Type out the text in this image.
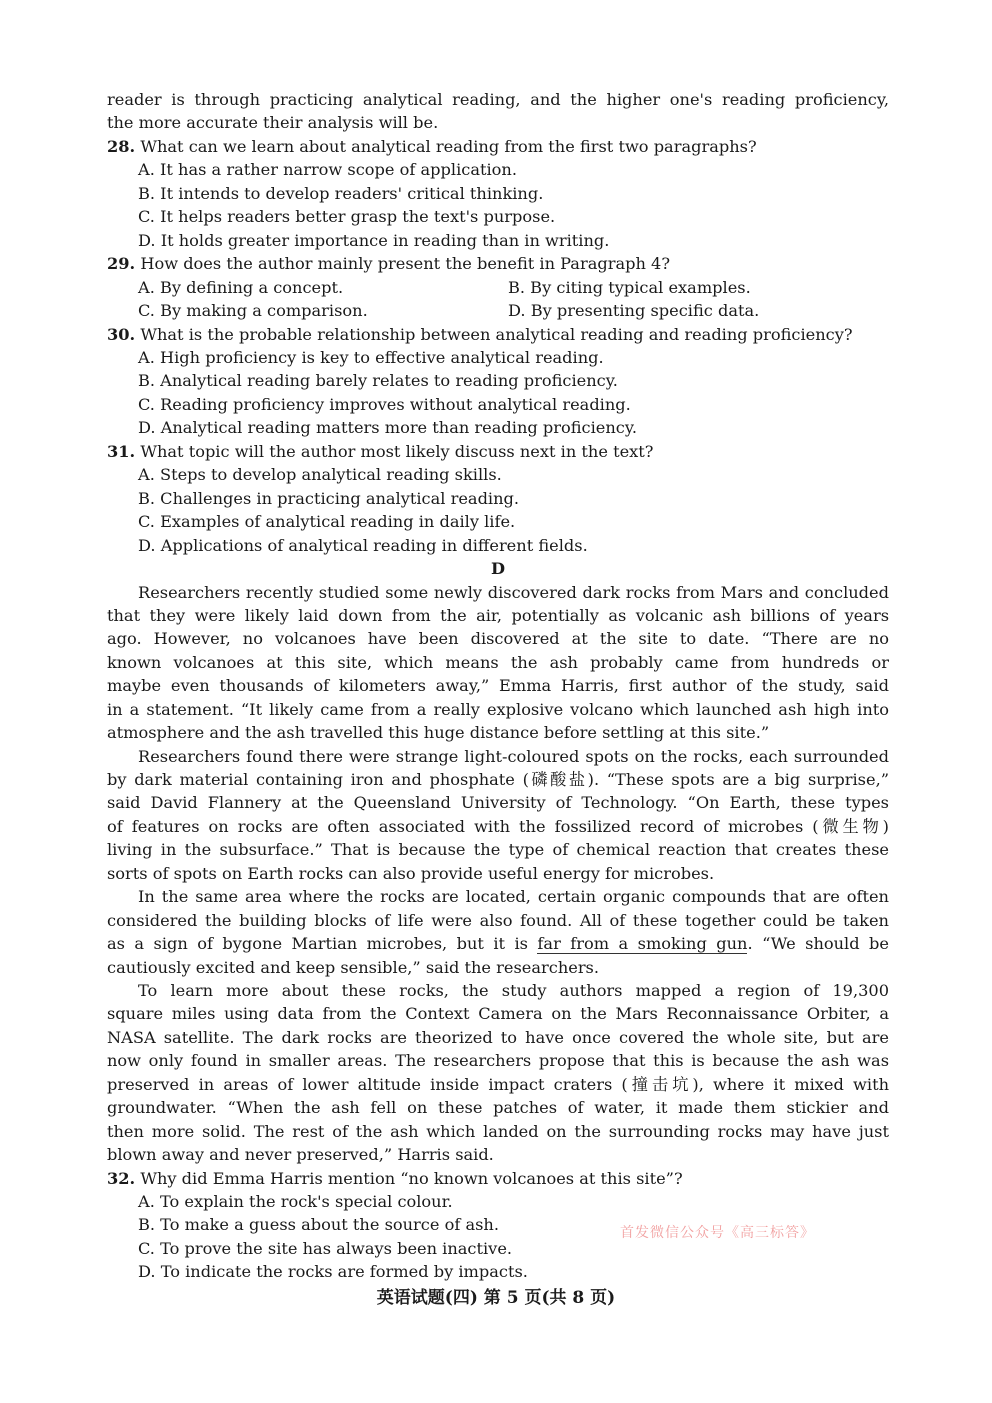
reader is through practicing analytical reading, and the higher one's reading proficiency,
the more accurate their analysis will be.
28. What can we learn about analytical reading from the first two paragraphs?
A. It has a rather narrow scope of application.
B. It intends to develop readers' critical thinking.
C. It helps readers better grasp the text's purpose.
D. It holds greater importance in reading than in writing.
29. How does the author mainly present the benefit in Paragraph 4?
A. By defining a concept.	B. By citing typical examples.
C. By making a comparison.	D. By presenting specific data.
30. What is the probable relationship between analytical reading and reading proficiency?
A. High proficiency is key to effective analytical reading.
B. Analytical reading barely relates to reading proficiency.
C. Reading proficiency improves without analytical reading.
D. Analytical reading matters more than reading proficiency.
31. What topic will the author most likely discuss next in the text?
A. Steps to develop analytical reading skills.
B. Challenges in practicing analytical reading.
C. Examples of analytical reading in daily life.
D. Applications of analytical reading in different fields.
D
Researchers recently studied some newly discovered dark rocks from Mars and concluded
that they were likely laid down from the air, potentially as volcanic ash billions of years
ago. However, no volcanoes have been discovered at the site to date. “There are no
known volcanoes at this site, which means the ash probably came from hundreds or
maybe even thousands of kilometers away,” Emma Harris, first author of the study, said
in a statement. “It likely came from a really explosive volcano which launched ash high into
atmosphere and the ash travelled this huge distance before settling at this site.”
Researchers found there were strange light-coloured spots on the rocks, each surrounded
by dark material containing iron and phosphate (磷酸盐). “These spots are a big surprise,”
said David Flannery at the Queensland University of Technology. “On Earth, these types
of features on rocks are often associated with the fossilized record of microbes (微生物)
living in the subsurface.” That is because the type of chemical reaction that creates these
sorts of spots on Earth rocks can also provide useful energy for microbes.
In the same area where the rocks are located, certain organic compounds that are often
considered the building blocks of life were also found. All of these together could be taken
as a sign of bygone Martian microbes, but it is far from a smoking gun. “We should be
cautiously excited and keep sensible,” said the researchers.
To learn more about these rocks, the study authors mapped a region of 19,300
square miles using data from the Context Camera on the Mars Reconnaissance Orbiter, a
NASA satellite. The dark rocks are theorized to have once covered the whole site, but are
now only found in smaller areas. The researchers propose that this is because the ash was
preserved in areas of lower altitude inside impact craters (撞击坑), where it mixed with
groundwater. “When the ash fell on these patches of water, it made them stickier and
then more solid. The rest of the ash which landed on the surrounding rocks may have just
blown away and never preserved,” Harris said.
32. Why did Emma Harris mention “no known volcanoes at this site”?
A. To explain the rock's special colour.
B. To make a guess about the source of ash.
C. To prove the site has always been inactive.
D. To indicate the rocks are formed by impacts.
首发微信公众号《高三标答》
英语试题(四) 第 5 页(共 8 页)
